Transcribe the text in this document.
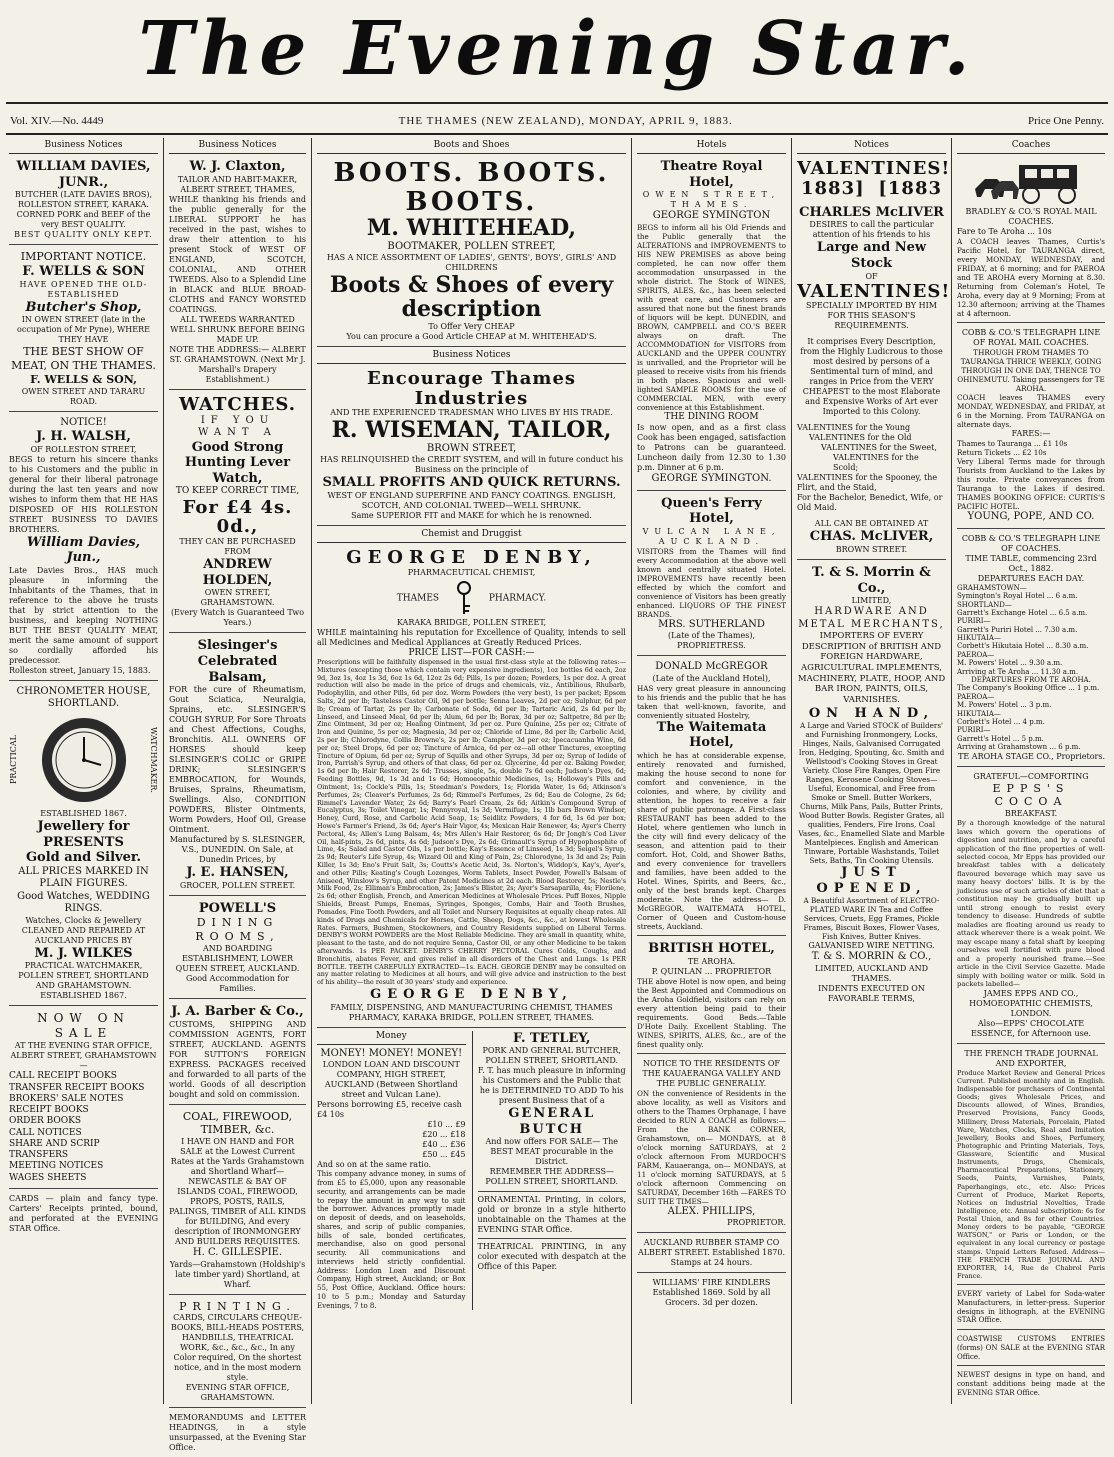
The Evening Star.
Vol. XIV.—No. 4449	THE THAMES (NEW ZEALAND), MONDAY, APRIL 9, 1883.	Price One Penny.
Business Notices
WILLIAM DAVIES, JUNR.,
BUTCHER (LATE DAVIES BROS), ROLLESTON STREET, KARAKA.
CORNED PORK and BEEF of the very BEST QUALITY.
BEST QUALITY ONLY KEPT.
IMPORTANT NOTICE.
F. WELLS & SON
HAVE OPENED THE OLD-ESTABLISHED
Butcher's Shop,
IN OWEN STREET (late in the occupation of Mr Pyne), WHERE THEY HAVE
THE BEST SHOW OF MEAT, ON THE THAMES.
F. WELLS & SON,
OWEN STREET AND TARARU ROAD.
NOTICE!
J. H. WALSH,
OF ROLLESTON STREET,
BEGS to return his sincere thanks to his Customers and the public in general for their liberal patronage during the last ten years and now wishes to inform them that HE HAS DISPOSED OF HIS ROLLESTON STREET BUSINESS TO DAVIES BROTHERS.
William Davies, Jun.,
Late Davies Bros., HAS much pleasure in informing the Inhabitants of the Thames, that in reference to the above he trusts that by strict attention to the business, and keeping NOTHING BUT THE BEST QUALITY MEAT, merit the same amount of support so cordially afforded his predecessor.
Rolleston street, January 15, 1883.
CHRONOMETER HOUSE, SHORTLAND.
PRACTICAL	WATCHMAKER.
ESTABLISHED 1867.
Jewellery for PRESENTS
Gold and Silver.
ALL PRICES MARKED IN PLAIN FIGURES.
Good Watches, WEDDING RINGS.
Watches, Clocks & Jewellery CLEANED AND REPAIRED AT AUCKLAND PRICES BY
M. J. WILKES
PRACTICAL WATCHMAKER, POLLEN STREET, SHORTLAND AND GRAHAMSTOWN.
ESTABLISHED 1867.
NOW ON SALE
AT THE EVENING STAR OFFICE, ALBERT STREET, GRAHAMSTOWN—
CALL RECEIPT BOOKS
TRANSFER RECEIPT BOOKS
BROKERS' SALE NOTES
RECEIPT BOOKS
ORDER BOOKS
CALL NOTICES
SHARE AND SCRIP TRANSFERS
MEETING NOTICES
WAGES SHEETS
CARDS — plain and fancy type. Carters' Receipts printed, bound, and perforated at the EVENING STAR Office.
Business Notices
W. J. Claxton,
TAILOR AND HABIT-MAKER, ALBERT STREET, THAMES,
WHILE thanking his friends and the public generally for the LIBERAL SUPPORT he has received in the past, wishes to draw their attention to his present Stock of WEST OF ENGLAND, SCOTCH, COLONIAL, AND OTHER TWEEDS. Also to a Splendid Line in BLACK and BLUE BROAD-CLOTHS and FANCY WORSTED COATINGS.
ALL TWEEDS WARRANTED WELL SHRUNK BEFORE BEING MADE UP.
NOTE THE ADDRESS:— ALBERT ST. GRAHAMSTOWN. (Next Mr J. Marshall's Drapery Establishment.)
WATCHES.
IF YOU WANT A
Good Strong Hunting Lever Watch,
TO KEEP CORRECT TIME,
For £4 4s. 0d.,
THEY CAN BE PURCHASED FROM
ANDREW HOLDEN,
OWEN STREET, GRAHAMSTOWN.
(Every Watch is Guaranteed Two Years.)
Slesinger's Celebrated Balsam,
FOR the cure of Rheumatism, Gout Sciatica, Neuralgia, Sprains, etc. SLESINGER'S COUGH SYRUP, For Sore Throats and Chest Affections, Coughs, Bronchitis. ALL OWNERS OF HORSES should keep SLESINGER'S COLIC or GRIPE DRINK; SLESINGER'S EMBROCATION, for Wounds, Bruises, Sprains, Rheumatism, Swellings. Also, CONDITION POWDERS, Blister Ointments, Worm Powders, Hoof Oil, Grease Ointment.
Manufactured by S. SLESINGER, V.S., DUNEDIN. On Sale, at Dunedin Prices, by
J. E. HANSEN,
GROCER, POLLEN STREET.
POWELL'S
DINING ROOMS,
AND BOARDING ESTABLISHMENT, LOWER QUEEN STREET, AUCKLAND. Good Accommodation for Families.
J. A. Barber & Co.,
CUSTOMS, SHIPPING AND COMMISSION AGENTS, FORT STREET, AUCKLAND. AGENTS FOR SUTTON'S FOREIGN EXPRESS. PACKAGES received and forwarded to all parts of the world. Goods of all description bought and sold on commission.
COAL, FIREWOOD, TIMBER, &c.
I HAVE ON HAND and FOR SALE at the Lowest Current Rates at the Yards Grahamstown and Shortland Wharf— NEWCASTLE & BAY OF ISLANDS COAL, FIREWOOD, PROPS, POSTS, RAILS, PALINGS, TIMBER of ALL KINDS for BUILDING, And every description of IRONMONGERY AND BUILDERS REQUISITES.
H. C. GILLESPIE.
Yards—Grahamstown (Holdship's late timber yard) Shortland, at Wharf.
PRINTING.
CARDS, CIRCULARS CHEQUE-BOOKS, BILL-HEADS POSTERS, HANDBILLS, THEATRICAL WORK, &c., &c., &c., In any Color required, On the shortest notice, and in the most modern style.
EVENING STAR OFFICE, GRAHAMSTOWN.
MEMORANDUMS and LETTER HEADINGS, in a style unsurpassed, at the Evening Star Office.
Boots and Shoes
BOOTS. BOOTS. BOOTS.
M. WHITEHEAD,
BOOTMAKER, POLLEN STREET,
HAS A NICE ASSORTMENT OF LADIES', GENTS', BOYS', GIRLS' AND CHILDRENS
Boots & Shoes of every description
To Offer Very CHEAP
You can procure a Good Article CHEAP at M. WHITEHEAD'S.
Business Notices
Encourage Thames Industries
AND THE EXPERIENCED TRADESMAN WHO LIVES BY HIS TRADE.
R. WISEMAN, TAILOR,
BROWN STREET,
HAS RELINQUISHED the CREDIT SYSTEM, and will in future conduct his Business on the principle of
SMALL PROFITS AND QUICK RETURNS.
WEST OF ENGLAND SUPERFINE AND FANCY COATINGS. ENGLISH, SCOTCH, AND COLONIAL TWEED—WELL SHRUNK.
Same SUPERIOR FIT and MAKE for which he is renowned.
Chemist and Druggist
GEORGE DENBY,
PHARMACEUTICAL CHEMIST,
THAMES	PHARMACY.
KARAKA BRIDGE, POLLEN STREET,
WHILE maintaining his reputation for Excellence of Quality, intends to sell all Medicines and Medical Appliances at Greatly Reduced Prices.
PRICE LIST—FOR CASH:—
Prescriptions will be faithfully dispensed in the usual first-class style at the following rates:—Mixtures (excepting those which contain very expensive ingredients), 1oz bottles 6d each, 2oz 9d, 3oz 1s, 4oz 1s 3d, 6oz 1s 6d, 12oz 2s 6d; Pills, 1s per dozen; Powders, 1s per doz. A great reduction will also be made in the price of drugs and chemicals, viz., Antibilious, Rhubarb, Podophyllin, and other Pills, 6d per doz. Worm Powders (the very best), 1s per packet; Epsom Salts, 2d per lb; Tasteless Castor Oil, 9d per bottle; Senna Leaves, 2d per oz; Sulphur, 6d per lb; Cream of Tartar, 2s per lb; Carbonate of Soda, 6d per lb; Tartaric Acid, 2s 6d per lb; Linseed, and Linseed Meal, 6d per lb; Alum, 6d per lb; Borax, 3d per oz; Saltpetre, 8d per lb; Zinc Ointment, 3d per oz; Healing Ointment, 3d per oz. Pure Quinine, 25s per oz; Citrate of Iron and Quinine, 5s per oz; Magnesia, 3d per oz; Chloride of Lime, 8d per lb; Carbolic Acid, 2s per lb; Chlorodyne, Collis Browne's, 2s per lb; Camphor, 3d per oz; Ipecacuanha Wine, 6d per oz; Steel Drops, 6d per oz; Tincture of Arnica, 6d per oz—all other Tinctures, excepting Tincture of Opium, 6d per oz; Syrup of Squills and other Syrups, 3d per oz; Syrup of Iodide of Iron, Parrish's Syrup, and others of that class, 6d per oz. Glycerine, 4d per oz. Baking Powder, 1s 6d per lb; Hair Restorer, 2s 6d; Trusses, single, 5s, double 7s 6d each; Judson's Dyes, 6d; Feeding Bottles, 9d, 1s 3d and 1s 6d; Homoeopathic Medicines, 1s; Holloway's Pills and Ointment, 1s; Cockle's Pills, 1s; Steedman's Powders, 1s; Florida Water, 1s 6d; Atkinson's Perfumes, 2s; Cleaver's Perfumes, 2s 6d; Rimmel's Perfumes, 2s 6d; Eau de Cologne, 2s 6d; Rimmel's Lavender Water, 2s 6d; Barry's Pearl Cream, 2s 6d; Aitkin's Compound Syrup of Eucalyptus, 3s; Toilet Vinegar, 1s; Pennyroyal, 1s 3d; Vermifuge, 1s; 1lb bars Brown Windsor, Honey, Curd, Rose, and Carbolic Acid Soap, 1s; Seidlitz Powders, 4 for 6d, 1s 6d per box; Howe's Farmer's Friend, 3s 6d; Ayer's Hair Vigor, 4s; Mexican Hair Renewer, 4s; Ayer's Cherry Pectoral, 4s; Allen's Lung Balsam, 4s; Mrs Allen's Hair Restorer, 6s 6d; Dr Jongh's Cod Liver Oil, half-pints, 2s 6d, pints, 4s 6d; Judson's Dye, 2s 6d; Grimault's Syrup of Hypophosphite of Lime, 4s; Salad and Castor Oils, 1s per bottle; Kay's Essence of Linseed, 1s 3d; Seigel's Syrup, 2s 9d; Reuter's Life Syrup, 4s; Wizard Oil and King of Pain, 2s; Chlorodyne, 1s 3d and 2s; Pain Killer, 1s 3d; Eno's Fruit Salt, 3s; Coutts's Acetic Acid, 3s. Norton's, Widdop's, Kay's, Ayer's, and other Pills; Keating's Cough Lozenges, Worm Tablets, Insect Powder, Powell's Balsam of Aniseed, Winslow's Syrup, and other Patent Medicines at 2d each. Blood Restorer, 5s; Nestle's Milk Food, 2s; Elliman's Embrocation, 2s; James's Blister, 2s; Ayer's Sarsaparilla, 4s; Florilene, 2s 6d; other English, French, and American Medicines at Wholesale Prices. Puff Boxes, Nipple Shields, Breast Pumps, Enemas, Syringes, Sponges, Combs, Hair and Tooth Brushes, Pomades, Fine Tooth Powders, and all Toilet and Nursery Requisites at equally cheap rates. All kinds of Drugs and Chemicals for Horses, Cattle, Sheep, Dogs, &c., &c., at lowest Wholesale Rates. Farmers, Bushmen, Stockowners, and Country Residents supplied on Liberal Terms. DENBY'S WORM POWDERS are the Most Reliable Medicine. They are small in quantity, white, pleasant to the taste, and do not require Senna, Castor Oil, or any other Medicine to be taken afterwards. 1s PER PACKET. DENBY'S CHERRY PECTORAL Cures Colds, Coughs, and Bronchitis, abates Fever, and gives relief in all disorders of the Chest and Lungs. 1s PER BOTTLE. TEETH CAREFULLY EXTRACTED—1s. EACH. GEORGE DENBY may be consulted on any matter relating to Medicines at all hours, and will give advice and instruction to the best of his ability—the result of 30 years' study and experience.
GEORGE DENBY,
FAMILY, DISPENSING, AND MANUFACTURING CHEMIST, THAMES PHARMACY, KARAKA BRIDGE, POLLEN STREET, THAMES.
Money
MONEY! MONEY! MONEY!
LONDON LOAN AND DISCOUNT COMPANY, HIGH STREET, AUCKLAND (Between Shortland street and Vulcan Lane).
Persons borrowing £5, receive cash £4 10s
£10 ... £9
£20 ... £18
£40 ... £36
£50 ... £45
And so on at the same ratio.
This company advance money, in sums of from £5 to £5,000, upon any reasonable security, and arrangements can be made to repay the amount in any way to suit the borrower. Advances promptly made on deposit of deeds, and on leaseholds, shares, and scrip of public companies, bills of sale, bonded certificates, merchandise, also on good personal security. All communications and interviews held strictly confidential. Address: London Loan and Discount Company, High street, Auckland; or Box 55, Post Office, Auckland. Office hours: 10 to 5 p.m.; Monday and Saturday Evenings, 7 to 8.
F. TETLEY,
PORK AND GENERAL BUTCHER, POLLEN STREET, SHORTLAND.
F. T. has much pleasure in informing his Customers and the Public that he is DETERMINED TO ADD To his present Business that of a
GENERAL BUTCH
And now offers FOR SALE— The BEST MEAT procurable in the District.
REMEMBER THE ADDRESS— POLLEN STREET, SHORTLAND.
ORNAMENTAL Printing, in colors, gold or bronze in a style hitherto unobtainable on the Thames at the EVENING STAR Office.
THEATRICAL PRINTING, in any color executed with despatch at the Office of this Paper.
Hotels
Theatre Royal Hotel,
OWEN STREET, THAMES.
GEORGE SYMINGTON
BEGS to inform all his Old Friends and the Public generally that the ALTERATIONS and IMPROVEMENTS to HIS NEW PREMISES as above being completed, he can now offer them accommodation unsurpassed in the whole district. The Stock of WINES, SPIRITS, ALES, &c., has been selected with great care, and Customers are assured that none but the finest brands of liquors will be kept. DUNEDIN, and BROWN, CAMPBELL and CO.'S BEER always on draft. The ACCOMMODATION for VISITORS from AUCKLAND and the UPPER COUNTRY is unrivalled, and the Proprietor will be pleased to receive visits from his friends in both places. Spacious and well-lighted SAMPLE ROOMS for the use of COMMERCIAL MEN, with every convenience at this Establishment.
THE DINING ROOM
Is now open, and as a first class Cook has been engaged, satisfaction to Patrons can be guaranteed. Luncheon daily from 12.30 to 1.30 p.m. Dinner at 6 p.m.
GEORGE SYMINGTON.
Queen's Ferry Hotel,
VULCAN LANE, AUCKLAND.
VISITORS from the Thames will find every Accommodation at the above well known and centrally situated Hotel. IMPROVEMENTS have recently been effected by which the comfort and convenience of Visitors has been greatly enhanced. LIQUORS OF THE FINEST BRANDS.
MRS. SUTHERLAND
(Late of the Thames), PROPRIETRESS.
DONALD McGREGOR
(Late of the Auckland Hotel),
HAS very great pleasure in announcing to his friends and the public that he has taken that well-known, favorite, and conveniently situated Hostelry,
The Waitemata Hotel,
which he has at considerable expense, entirely renovated and furnished, making the house second to none for comfort and convenience, in the colonies, and where, by civility and attention, he hopes to receive a fair share of public patronage. A First-class RESTAURANT has been added to the Hotel, where gentlemen who lunch in the city will find every delicacy of the season, and attention paid to their comfort. Hot, Cold, and Shower Baths, and every convenience for travellers and families, have been added to the Hotel. Wines, Spirits, and Beers, &c., only of the best brands kept. Charges moderate. Note the address— D. McGREGOR, WAITEMATA HOTEL, Corner of Queen and Custom-house streets, Auckland.
BRITISH HOTEL,
TE AROHA.
P. QUINLAN ... PROPRIETOR
THE above Hotel is now open, and being the Best Appointed and Commodious on the Aroha Goldfield, visitors can rely on every attention being paid to their requirements. Good Beds.—Table D'Hote Daily. Excellent Stabling. The WINES, SPIRITS, ALES, &c., are of the finest quality only.
NOTICE TO THE RESIDENTS OF THE KAUAERANGA VALLEY AND THE PUBLIC GENERALLY.
ON the convenience of Residents in the above locality, as well as Visitors and others to the Thames Orphanage, I have decided to RUN A COACH as follows:— From the BANK CORNER, Grahamstown, on— MONDAYS, at 8 o'clock morning SATURDAYS, at 2 o'clock afternoon From MURDOCH'S FARM, Kauaeranga, on— MONDAYS, at 11 o'clock morning SATURDAYS, at 5 o'clock afternoon Commencing on SATURDAY, December 16th —FARES TO SUIT THE TIMES—
ALEX. PHILLIPS,
PROPRIETOR.
AUCKLAND RUBBER STAMP CO ALBERT STREET. Established 1870. Stamps at 24 hours.
WILLIAMS' FIRE KINDLERS Established 1869. Sold by all Grocers. 3d per dozen.
Notices
VALENTINES!
1883] [1883
CHARLES McLIVER
DESIRES to call the particular attention of his friends to his
Large and New Stock
OF
VALENTINES!
SPECIALLY IMPORTED BY HIM FOR THIS SEASON'S REQUIREMENTS.
It comprises Every Description, from the Highly Ludicrous to those most desired by persons of a Sentimental turn of mind, and ranges in Price from the VERY CHEAPEST to the most Elaborate and Expensive Works of Art ever Imported to this Colony.
VALENTINES for the Young
VALENTINES for the Old
VALENTINES for the Sweet,
VALENTINES for the Scold;
VALENTINES for the Spooney, the Flirt, and the Staid,
For the Bachelor, Benedict, Wife, or Old Maid.
ALL CAN BE OBTAINED AT
CHAS. McLIVER,
BROWN STREET.
T. & S. Morrin & Co.,
LIMITED,
HARDWARE AND METAL MERCHANTS,
IMPORTERS OF EVERY DESCRIPTION of BRITISH AND FOREIGN HARDWARE, AGRICULTURAL IMPLEMENTS, MACHINERY, PLATE, HOOP, AND BAR IRON, PAINTS, OILS, VARNISHES.
ON HAND,
A Large and Varied STOCK of Builders' and Furnishing Ironmongery, Locks, Hinges, Nails, Galvanised Corrugated Iron, Hedging, Spouting, &c. Smith and Wellstood's Cooking Stoves in Great Variety. Close Fire Ranges, Open Fire Ranges, Kerosene Cooking Stoves— Useful, Economical, and Free from Smoke or Smell. Butter Workers, Churns, Milk Pans, Pails, Butter Prints, Wood Butter Bowls. Register Grates, all qualities, Fenders, Fire Irons, Coal Vases, &c., Enamelled Slate and Marble Mantelpieces. English and American Tinware, Portable Washstands, Toilet Sets, Baths, Tin Cooking Utensils.
JUST OPENED,
A Beautiful Assortment of ELECTRO-PLATED WARE IN Tea and Coffee Services, Cruets, Egg Frames, Pickle Frames, Biscuit Boxes, Flower Vases, Fish Knives, Butter Knives.
GALVANISED WIRE NETTING.
T. & S. MORRIN & CO.,
LIMITED, AUCKLAND AND THAMES.
INDENTS EXECUTED ON FAVORABLE TERMS,
Coaches
BRADLEY & CO.'S ROYAL MAIL COACHES.
Fare to Te Aroha ... 10s
A COACH leaves Thames, Curtis's Pacific Hotel, for TAURANGA direct, every MONDAY, WEDNESDAY, and FRIDAY, at 6 morning; and for PAEROA and TE AROHA every Morning at 8.30. Returning from Coleman's Hotel, Te Aroha, every day at 9 Morning; From at 12.30 afternoon; arriving at the Thames at 4 afternoon.
COBB & CO.'S TELEGRAPH LINE OF ROYAL MAIL COACHES.
THROUGH FROM THAMES TO TAURANGA THRICE WEEKLY, GOING THROUGH IN ONE DAY, THENCE TO OHINEMUTU. Taking passengers for TE AROHA.
COACH leaves THAMES every MONDAY, WEDNESDAY, and FRIDAY, at 6 in the Morning. From TAURANGA on alternate days.
FARES:—
Thames to Tauranga ... £1 10s
Return Tickets ... £2 10s
Very Liberal Terms made for through Tourists from Auckland to the Lakes by this route. Private conveyances from Tauranga to the Lakes if desired. THAMES BOOKING OFFICE: CURTIS'S PACIFIC HOTEL.
YOUNG, POPE, AND CO.
COBB & CO.'S TELEGRAPH LINE OF COACHES.
TIME TABLE, commencing 23rd Oct., 1882.
DEPARTURES EACH DAY.
GRAHAMSTOWN—
Symington's Royal Hotel ... 6 a.m.
SHORTLAND—
Garrett's Exchange Hotel ... 6.5 a.m.
PURIRI—
Garrett's Puriri Hotel ... 7.30 a.m.
HIKUTAIA—
Corbett's Hikutaia Hotel ... 8.30 a.m.
PAEROA—
M. Powers' Hotel ... 9.30 a.m.
Arriving at Te Aroha ... 11.30 a.m.
DEPARTURES FROM TE AROHA.
The Company's Booking Office ... 1 p.m.
PAEROA—
M. Powers' Hotel ... 3 p.m.
HIKUTAIA—
Corbett's Hotel ... 4 p.m.
PURIRI—
Garrett's Hotel ... 5 p.m.
Arriving at Grahamstown ... 6 p.m.
TE AROHA STAGE CO., Proprietors.
GRATEFUL—COMFORTING
EPPS'S COCOA
BREAKFAST.
By a thorough knowledge of the natural laws which govern the operations of digestion and nutrition, and by a careful application of the fine properties of well-selected cocoa, Mr Epps has provided our breakfast tables with a delicately flavoured beverage which may save us many heavy doctors' bills. It is by the judicious use of such articles of diet that a constitution may be gradually built up until strong enough to resist every tendency to disease. Hundreds of subtle maladies are floating around us ready to attack wherever there is a weak point. We may escape many a fatal shaft by keeping ourselves well fortified with pure blood and a properly nourished frame.—See article in the Civil Service Gazette. Made simply with boiling water or milk. Sold in packets labelled—
JAMES EPPS AND CO., HOMOEOPATHIC CHEMISTS, LONDON.
Also—EPPS' CHOCOLATE ESSENCE, for Afternoon use.
THE FRENCH TRADE JOURNAL AND EXPORTER,
Produce Market Review and General Prices Current. Published monthly and in English. Indispensable for purchasers of Continental Goods; gives Wholesale Prices, and Discounts allowed, of Wines, Brandies, Preserved Provisions, Fancy Goods, Millinery, Dress Materials, Porcelain, Plated Ware, Watches, Clocks, Real and Imitation Jewellery, Books and Shoes, Perfumery, Photographic and Printing Materials, Toys, Glassware, Scientific and Musical Instruments, Drugs, Chemicals, Pharmaceutical Preparations, Stationery, Seeds, Paints, Varnishes, Paints, Paperhangings, etc., etc. Also: Prices Current of Produce, Market Reports, Notices on Industrial Novelties, Trade Intelligence, etc. Annual subscription: 6s for Postal Union, and 8s for other Countries. Money orders to be payable, "GEORGE WATSON," or Paris or London, or the equivalent in any local currency or postage stamps. Unpaid Letters Refused. Address—THE FRENCH TRADE JOURNAL AND EXPORTER, 14, Rue de Chabrol Paris France.
EVERY variety of Label for Soda-water Manufacturers, in letter-press. Superior designs in lithograph, at the EVENING STAR Office.
COASTWISE CUSTOMS ENTRIES (forms) ON SALE at the EVENING STAR Office.
NEWEST designs in type on hand, and constant additions being made at the EVENING STAR Office.
